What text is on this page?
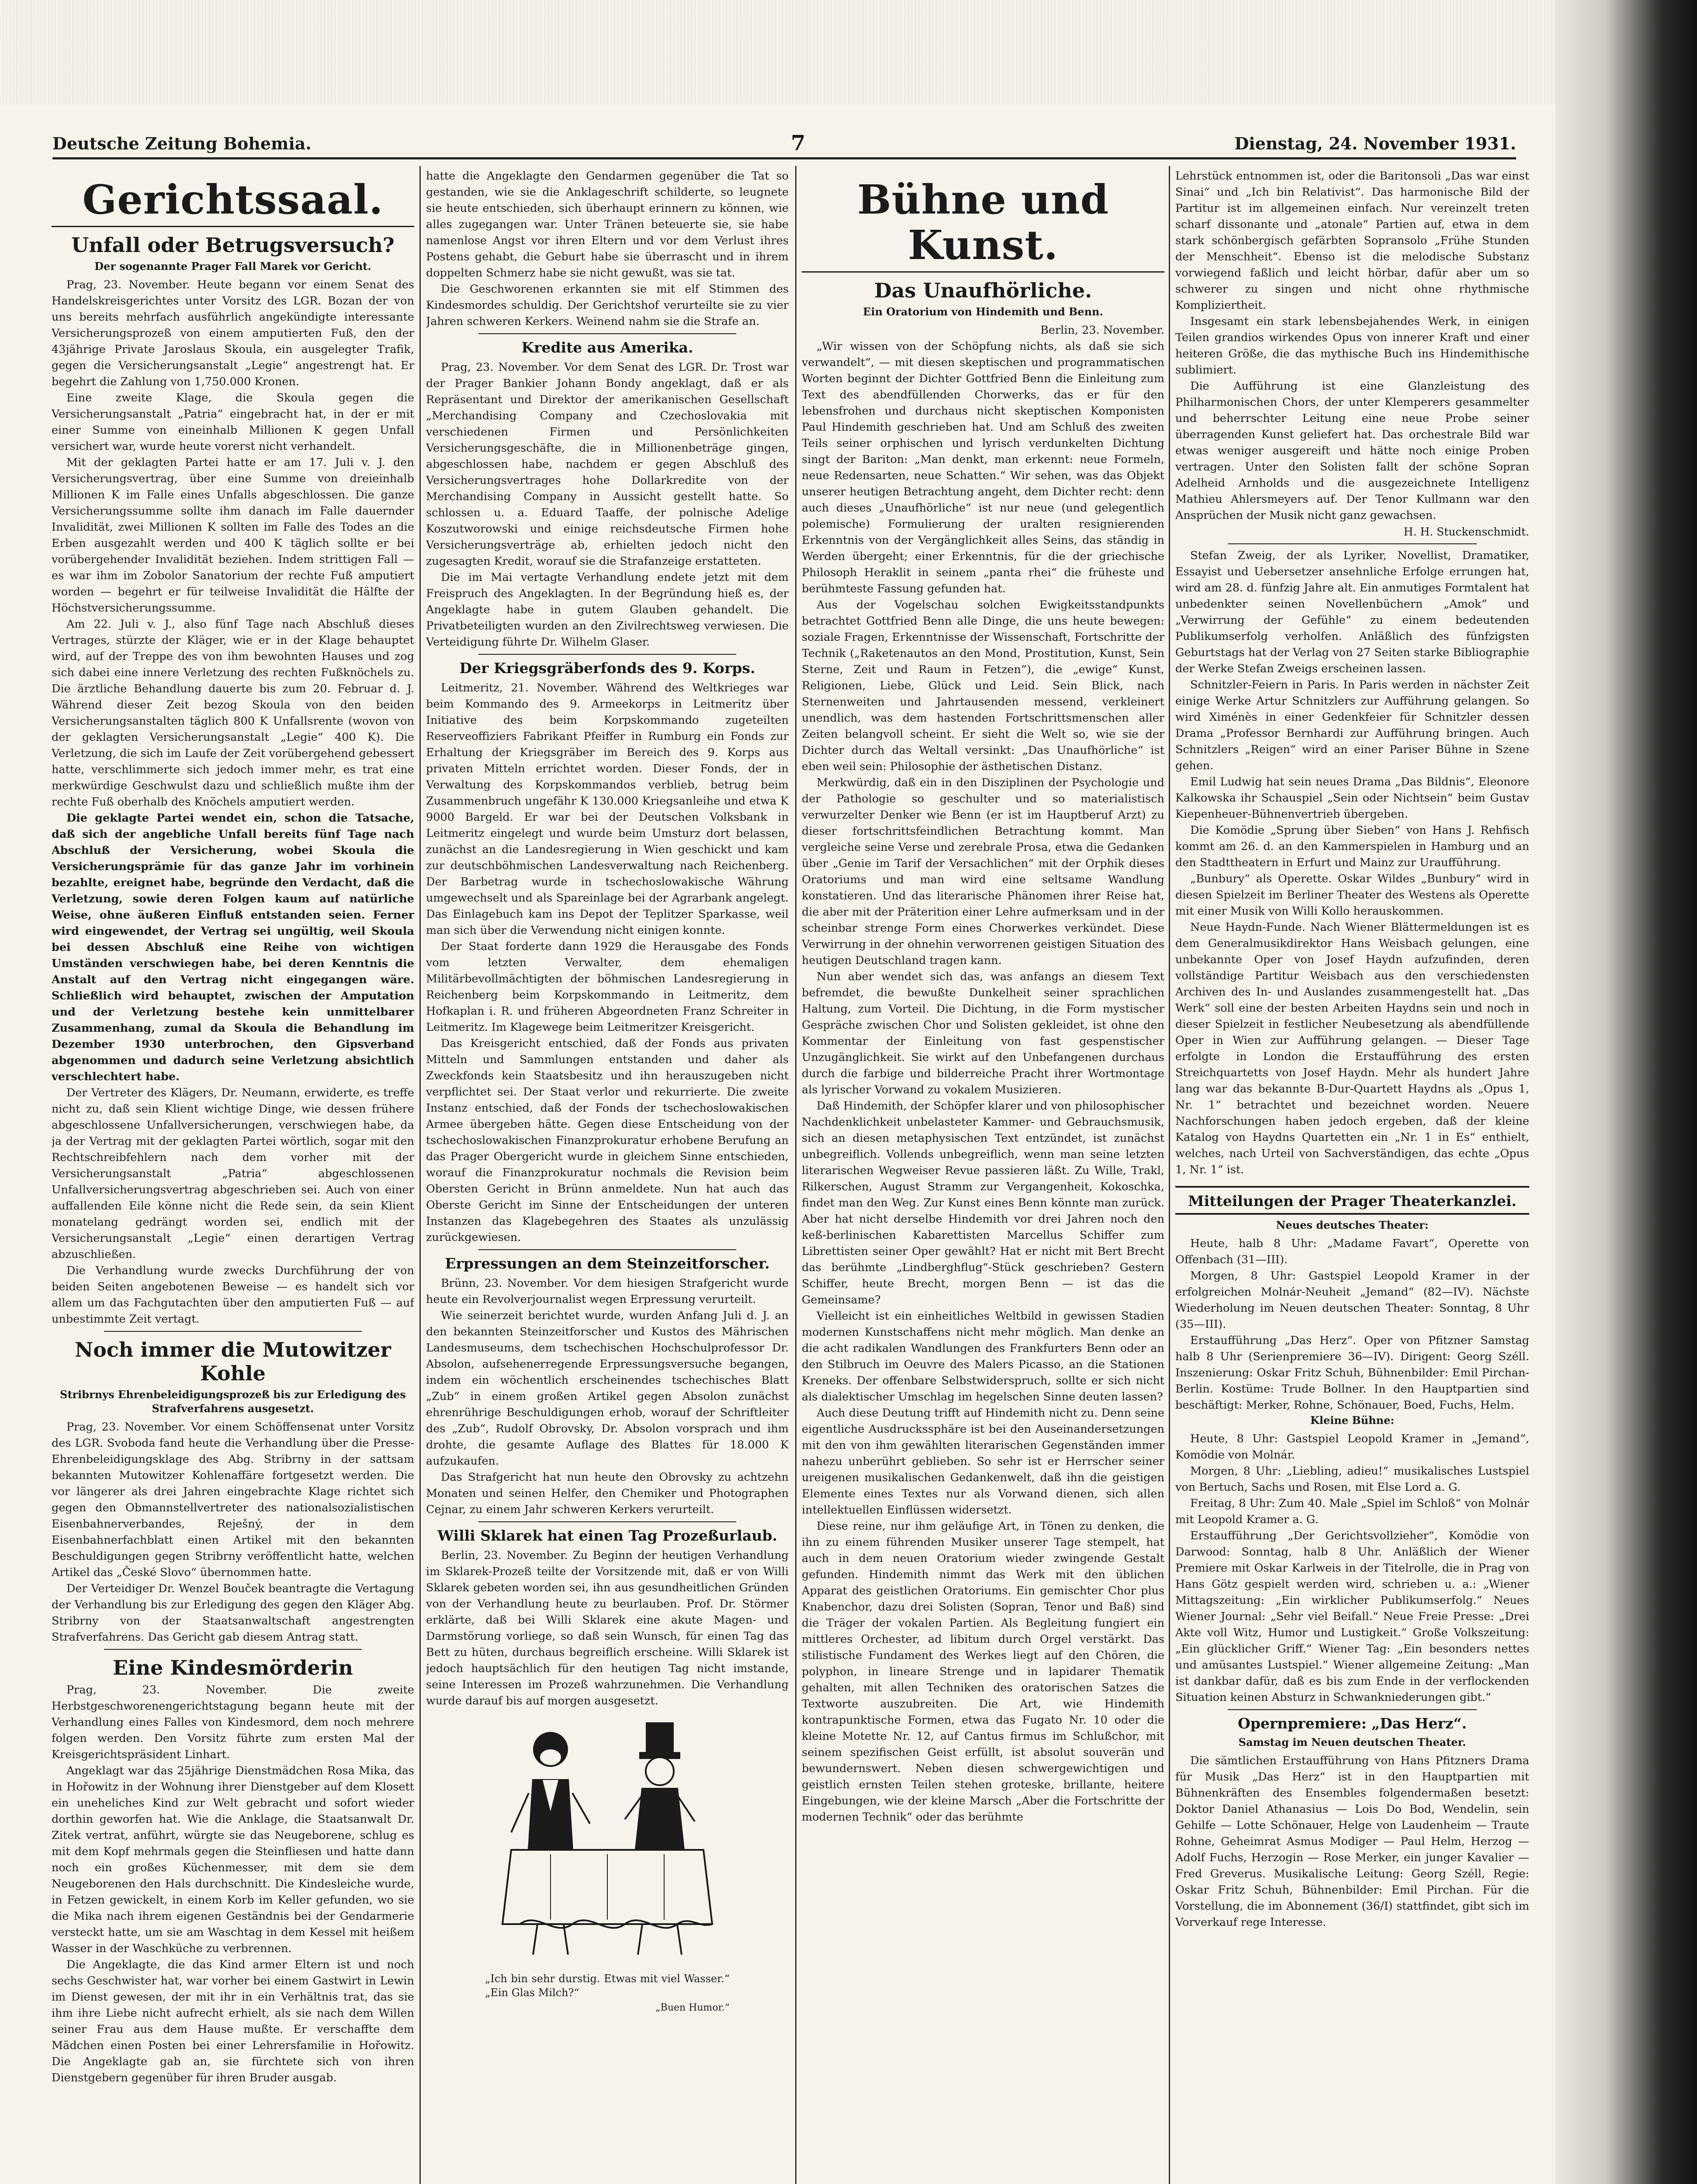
Deutsche Zeitung Bohemia.	7	Dienstag, 24. November 1931.
Gerichtssaal.
Unfall oder Betrugsversuch?
Der sogenannte Prager Fall Marek vor Gericht.

Prag, 23. November. Heute begann vor einem Senat des Handelskreisgerichtes unter Vorsitz des LGR. Bozan der von uns bereits mehrfach ausführlich angekündigte interessante Versicherungsprozeß von einem amputierten Fuß, den der 43jährige Private Jaroslaus Skoula, ein ausgelegter Trafik, gegen die Versicherungsanstalt „Legie“ angestrengt hat. Er begehrt die Zahlung von 1,750.000 Kronen.

Eine zweite Klage, die Skoula gegen die Versicherungsanstalt „Patria“ eingebracht hat, in der er mit einer Summe von eineinhalb Millionen K gegen Unfall versichert war, wurde heute vorerst nicht verhandelt.

Mit der geklagten Partei hatte er am 17. Juli v. J. den Versicherungsvertrag, über eine Summe von dreieinhalb Millionen K im Falle eines Unfalls abgeschlossen. Die ganze Versicherungssumme sollte ihm danach im Falle dauernder Invalidität, zwei Millionen K sollten im Falle des Todes an die Erben ausgezahlt werden und 400 K täglich sollte er bei vorübergehender Invalidität beziehen. Indem strittigen Fall — es war ihm im Zobolor Sanatorium der rechte Fuß amputiert worden — begehrt er für teilweise Invalidität die Hälfte der Höchstversicherungssumme.

Am 22. Juli v. J., also fünf Tage nach Abschluß dieses Vertrages, stürzte der Kläger, wie er in der Klage behauptet wird, auf der Treppe des von ihm bewohnten Hauses und zog sich dabei eine innere Verletzung des rechten Fußknöchels zu. Die ärztliche Behandlung dauerte bis zum 20. Februar d. J. Während dieser Zeit bezog Skoula von den beiden Versicherungsanstalten täglich 800 K Unfallsrente (wovon von der geklagten Versicherungsanstalt „Legie“ 400 K). Die Verletzung, die sich im Laufe der Zeit vorübergehend gebessert hatte, verschlimmerte sich jedoch immer mehr, es trat eine merkwürdige Geschwulst dazu und schließlich mußte ihm der rechte Fuß oberhalb des Knöchels amputiert werden.

Die geklagte Partei wendet ein, schon die Tatsache, daß sich der angebliche Unfall bereits fünf Tage nach Abschluß der Versicherung, wobei Skoula die Versicherungsprämie für das ganze Jahr im vorhinein bezahlte, ereignet habe, begründe den Verdacht, daß die Verletzung, sowie deren Folgen kaum auf natürliche Weise, ohne äußeren Einfluß entstanden seien. Ferner wird eingewendet, der Vertrag sei ungültig, weil Skoula bei dessen Abschluß eine Reihe von wichtigen Umständen verschwiegen habe, bei deren Kenntnis die Anstalt auf den Vertrag nicht eingegangen wäre. Schließlich wird behauptet, zwischen der Amputation und der Verletzung bestehe kein unmittelbarer Zusammenhang, zumal da Skoula die Behandlung im Dezember 1930 unterbrochen, den Gipsverband abgenommen und dadurch seine Verletzung absichtlich verschlechtert habe.

Der Vertreter des Klägers, Dr. Neumann, erwiderte, es treffe nicht zu, daß sein Klient wichtige Dinge, wie dessen frühere abgeschlossene Unfallversicherungen, verschwiegen habe, da ja der Vertrag mit der geklagten Partei wörtlich, sogar mit den Rechtschreibfehlern nach dem vorher mit der Versicherungsanstalt „Patria“ abgeschlossenen Unfallversicherungsvertrag abgeschrieben sei. Auch von einer auffallenden Eile könne nicht die Rede sein, da sein Klient monatelang gedrängt worden sei, endlich mit der Versicherungsanstalt „Legie“ einen derartigen Vertrag abzuschließen.

Die Verhandlung wurde zwecks Durchführung der von beiden Seiten angebotenen Beweise — es handelt sich vor allem um das Fachgutachten über den amputierten Fuß — auf unbestimmte Zeit vertagt.

Noch immer die Mutowitzer Kohle
Stribrnys Ehrenbeleidigungsprozeß bis zur Erledigung des Strafverfahrens ausgesetzt.

Prag, 23. November. Vor einem Schöffensenat unter Vorsitz des LGR. Svoboda fand heute die Verhandlung über die Presse-Ehrenbeleidigungsklage des Abg. Stribrny in der sattsam bekannten Mutowitzer Kohlenaffäre fortgesetzt werden. Die vor längerer als drei Jahren eingebrachte Klage richtet sich gegen den Obmannstellvertreter des nationalsozialistischen Eisenbahnerverbandes, Reješný, der in dem Eisenbahnerfachblatt einen Artikel mit den bekannten Beschuldigungen gegen Stribrny veröffentlicht hatte, welchen Artikel das „České Slovo“ übernommen hatte.

Der Verteidiger Dr. Wenzel Bouček beantragte die Vertagung der Verhandlung bis zur Erledigung des gegen den Kläger Abg. Stribrny von der Staatsanwaltschaft angestrengten Strafverfahrens. Das Gericht gab diesem Antrag statt.

Eine Kindesmörderin

Prag, 23. November. Die zweite Herbstgeschworenengerichtstagung begann heute mit der Verhandlung eines Falles von Kindesmord, dem noch mehrere folgen werden. Den Vorsitz führte zum ersten Mal der Kreisgerichtspräsident Linhart.

Angeklagt war das 25jährige Dienstmädchen Rosa Mika, das in Hořowitz in der Wohnung ihrer Dienstgeber auf dem Klosett ein uneheliches Kind zur Welt gebracht und sofort wieder dorthin geworfen hat. Wie die Anklage, die Staatsanwalt Dr. Zitek vertrat, anführt, würgte sie das Neugeborene, schlug es mit dem Kopf mehrmals gegen die Steinfliesen und hatte dann noch ein großes Küchenmesser, mit dem sie dem Neugeborenen den Hals durchschnitt. Die Kindesleiche wurde, in Fetzen gewickelt, in einem Korb im Keller gefunden, wo sie die Mika nach ihrem eigenen Geständnis bei der Gendarmerie versteckt hatte, um sie am Waschtag in dem Kessel mit heißem Wasser in der Waschküche zu verbrennen.

Die Angeklagte, die das Kind armer Eltern ist und noch sechs Geschwister hat, war vorher bei einem Gastwirt in Lewin im Dienst gewesen, der mit ihr in ein Verhältnis trat, das sie ihm ihre Liebe nicht aufrecht erhielt, als sie nach dem Willen seiner Frau aus dem Hause mußte. Er verschaffte dem Mädchen einen Posten bei einer Lehrersfamilie in Hořowitz. Die Angeklagte gab an, sie fürchtete sich von ihren Dienstgebern gegenüber für ihren Bruder ausgab.

hatte die Angeklagte den Gendarmen gegenüber die Tat so gestanden, wie sie die Anklageschrift schilderte, so leugnete sie heute entschieden, sich überhaupt erinnern zu können, wie alles zugegangen war. Unter Tränen beteuerte sie, sie habe namenlose Angst vor ihren Eltern und vor dem Verlust ihres Postens gehabt, die Geburt habe sie überrascht und in ihrem doppelten Schmerz habe sie nicht gewußt, was sie tat.

Die Geschworenen erkannten sie mit elf Stimmen des Kindesmordes schuldig. Der Gerichtshof verurteilte sie zu vier Jahren schweren Kerkers. Weinend nahm sie die Strafe an.

Kredite aus Amerika.

Prag, 23. November. Vor dem Senat des LGR. Dr. Trost war der Prager Bankier Johann Bondy angeklagt, daß er als Repräsentant und Direktor der amerikanischen Gesellschaft „Merchandising Company and Czechoslovakia mit verschiedenen Firmen und Persönlichkeiten Versicherungsgeschäfte, die in Millionenbeträge gingen, abgeschlossen habe, nachdem er gegen Abschluß des Versicherungsvertrages hohe Dollarkredite von der Merchandising Company in Aussicht gestellt hatte. So schlossen u. a. Eduard Taaffe, der polnische Adelige Koszutworowski und einige reichsdeutsche Firmen hohe Versicherungsverträge ab, erhielten jedoch nicht den zugesagten Kredit, worauf sie die Strafanzeige erstatteten.

Die im Mai vertagte Verhandlung endete jetzt mit dem Freispruch des Angeklagten. In der Begründung hieß es, der Angeklagte habe in gutem Glauben gehandelt. Die Privatbeteiligten wurden an den Zivilrechtsweg verwiesen. Die Verteidigung führte Dr. Wilhelm Glaser.

Der Kriegsgräberfonds des 9. Korps.

Leitmeritz, 21. November. Während des Weltkrieges war beim Kommando des 9. Armeekorps in Leitmeritz über Initiative des beim Korpskommando zugeteilten Reserveoffiziers Fabrikant Pfeiffer in Rumburg ein Fonds zur Erhaltung der Kriegsgräber im Bereich des 9. Korps aus privaten Mitteln errichtet worden. Dieser Fonds, der in Verwaltung des Korpskommandos verblieb, betrug beim Zusammenbruch ungefähr K 130.000 Kriegsanleihe und etwa K 9000 Bargeld. Er war bei der Deutschen Volksbank in Leitmeritz eingelegt und wurde beim Umsturz dort belassen, zunächst an die Landesregierung in Wien geschickt und kam zur deutschböhmischen Landesverwaltung nach Reichenberg. Der Barbetrag wurde in tschechoslowakische Währung umgewechselt und als Spareinlage bei der Agrarbank angelegt. Das Einlagebuch kam ins Depot der Teplitzer Sparkasse, weil man sich über die Verwendung nicht einigen konnte.

Der Staat forderte dann 1929 die Herausgabe des Fonds vom letzten Verwalter, dem ehemaligen Militärbevollmächtigten der böhmischen Landesregierung in Reichenberg beim Korpskommando in Leitmeritz, dem Hofkaplan i. R. und früheren Abgeordneten Franz Schreiter in Leitmeritz. Im Klagewege beim Leitmeritzer Kreisgericht.

Das Kreisgericht entschied, daß der Fonds aus privaten Mitteln und Sammlungen entstanden und daher als Zweckfonds kein Staatsbesitz und ihn herauszugeben nicht verpflichtet sei. Der Staat verlor und rekurrierte. Die zweite Instanz entschied, daß der Fonds der tschechoslowakischen Armee übergeben hätte. Gegen diese Entscheidung von der tschechoslowakischen Finanzprokuratur erhobene Berufung an das Prager Obergericht wurde in gleichem Sinne entschieden, worauf die Finanzprokuratur nochmals die Revision beim Obersten Gericht in Brünn anmeldete. Nun hat auch das Oberste Gericht im Sinne der Entscheidungen der unteren Instanzen das Klagebegehren des Staates als unzulässig zurückgewiesen.

Erpressungen an dem Steinzeitforscher.

Brünn, 23. November. Vor dem hiesigen Strafgericht wurde heute ein Revolverjournalist wegen Erpressung verurteilt.

Wie seinerzeit berichtet wurde, wurden Anfang Juli d. J. an den bekannten Steinzeitforscher und Kustos des Mährischen Landesmuseums, dem tschechischen Hochschulprofessor Dr. Absolon, aufsehenerregende Erpressungsversuche begangen, indem ein wöchentlich erscheinendes tschechisches Blatt „Zub“ in einem großen Artikel gegen Absolon zunächst ehrenrührige Beschuldigungen erhob, worauf der Schriftleiter des „Zub“, Rudolf Obrovsky, Dr. Absolon vorsprach und ihm drohte, die gesamte Auflage des Blattes für 18.000 K aufzukaufen.

Das Strafgericht hat nun heute den Obrovsky zu achtzehn Monaten und seinen Helfer, den Chemiker und Photographen Cejnar, zu einem Jahr schweren Kerkers verurteilt.

Willi Sklarek hat einen Tag Prozeßurlaub.

Berlin, 23. November. Zu Beginn der heutigen Verhandlung im Sklarek-Prozeß teilte der Vorsitzende mit, daß er von Willi Sklarek gebeten worden sei, ihn aus gesundheitlichen Gründen von der Verhandlung heute zu beurlauben. Prof. Dr. Störmer erklärte, daß bei Willi Sklarek eine akute Magen- und Darmstörung vorliege, so daß sein Wunsch, für einen Tag das Bett zu hüten, durchaus begreiflich erscheine. Willi Sklarek ist jedoch hauptsächlich für den heutigen Tag nicht imstande, seine Interessen im Prozeß wahrzunehmen. Die Verhandlung wurde darauf bis auf morgen ausgesetzt.

„Ich bin sehr durstig. Etwas mit viel Wasser.“ „Ein Glas Milch?“
„Buen Humor.“
Bühne und Kunst.
Das Unaufhörliche.
Ein Oratorium von Hindemith und Benn.

Berlin, 23. November.

„Wir wissen von der Schöpfung nichts, als daß sie sich verwandelt“, — mit diesen skeptischen und programmatischen Worten beginnt der Dichter Gottfried Benn die Einleitung zum Text des abendfüllenden Chorwerks, das er für den lebensfrohen und durchaus nicht skeptischen Komponisten Paul Hindemith geschrieben hat. Und am Schluß des zweiten Teils seiner orphischen und lyrisch verdunkelten Dichtung singt der Bariton: „Man denkt, man erkennt: neue Formeln, neue Redensarten, neue Schatten.“ Wir sehen, was das Objekt unserer heutigen Betrachtung angeht, dem Dichter recht: denn auch dieses „Unaufhörliche“ ist nur neue (und gelegentlich polemische) Formulierung der uralten resignierenden Erkenntnis von der Vergänglichkeit alles Seins, das ständig in Werden übergeht; einer Erkenntnis, für die der griechische Philosoph Heraklit in seinem „panta rhei“ die früheste und berühmteste Fassung gefunden hat.

Aus der Vogelschau solchen Ewigkeitsstandpunkts betrachtet Gottfried Benn alle Dinge, die uns heute bewegen: soziale Fragen, Erkenntnisse der Wissenschaft, Fortschritte der Technik („Raketenautos an den Mond, Prostitution, Kunst, Sein Sterne, Zeit und Raum in Fetzen“), die „ewige“ Kunst, Religionen, Liebe, Glück und Leid. Sein Blick, nach Sternenweiten und Jahrtausenden messend, verkleinert unendlich, was dem hastenden Fortschrittsmenschen aller Zeiten belangvoll scheint. Er sieht die Welt so, wie sie der Dichter durch das Weltall versinkt: „Das Unaufhörliche“ ist eben weil sein: Philosophie der ästhetischen Distanz.

Merkwürdig, daß ein in den Disziplinen der Psychologie und der Pathologie so geschulter und so materialistisch verwurzelter Denker wie Benn (er ist im Hauptberuf Arzt) zu dieser fortschrittsfeindlichen Betrachtung kommt. Man vergleiche seine Verse und zerebrale Prosa, etwa die Gedanken über „Genie im Tarif der Versachlichen“ mit der Orphik dieses Oratoriums und man wird eine seltsame Wandlung konstatieren. Und das literarische Phänomen ihrer Reise hat, die aber mit der Präterition einer Lehre aufmerksam und in der scheinbar strenge Form eines Chorwerkes verkündet. Diese Verwirrung in der ohnehin verworrenen geistigen Situation des heutigen Deutschland tragen kann.

Nun aber wendet sich das, was anfangs an diesem Text befremdet, die bewußte Dunkelheit seiner sprachlichen Haltung, zum Vorteil. Die Dichtung, in die Form mystischer Gespräche zwischen Chor und Solisten gekleidet, ist ohne den Kommentar der Einleitung von fast gespenstischer Unzugänglichkeit. Sie wirkt auf den Unbefangenen durchaus durch die farbige und bilderreiche Pracht ihrer Wortmontage als lyrischer Vorwand zu vokalem Musizieren.

Daß Hindemith, der Schöpfer klarer und von philosophischer Nachdenklichkeit unbelasteter Kammer- und Gebrauchsmusik, sich an diesen metaphysischen Text entzündet, ist zunächst unbegreiflich. Vollends unbegreiflich, wenn man seine letzten literarischen Wegweiser Revue passieren läßt. Zu Wille, Trakl, Rilkerschen, August Stramm zur Vergangenheit, Kokoschka, findet man den Weg. Zur Kunst eines Benn könnte man zurück. Aber hat nicht derselbe Hindemith vor drei Jahren noch den keß-berlinischen Kabarettisten Marcellus Schiffer zum Librettisten seiner Oper gewählt? Hat er nicht mit Bert Brecht das berühmte „Lindberghflug“-Stück geschrieben? Gestern Schiffer, heute Brecht, morgen Benn — ist das die Gemeinsame?

Vielleicht ist ein einheitliches Weltbild in gewissen Stadien modernen Kunstschaffens nicht mehr möglich. Man denke an die acht radikalen Wandlungen des Frankfurters Benn oder an den Stilbruch im Oeuvre des Malers Picasso, an die Stationen Kreneks. Der offenbare Selbstwiderspruch, sollte er sich nicht als dialektischer Umschlag im hegelschen Sinne deuten lassen?

Auch diese Deutung trifft auf Hindemith nicht zu. Denn seine eigentliche Ausdruckssphäre ist bei den Auseinandersetzungen mit den von ihm gewählten literarischen Gegenständen immer nahezu unberührt geblieben. So sehr ist er Herrscher seiner ureigenen musikalischen Gedankenwelt, daß ihn die geistigen Elemente eines Textes nur als Vorwand dienen, sich allen intellektuellen Einflüssen widersetzt.

Diese reine, nur ihm geläufige Art, in Tönen zu denken, die ihn zu einem führenden Musiker unserer Tage stempelt, hat auch in dem neuen Oratorium wieder zwingende Gestalt gefunden. Hindemith nimmt das Werk mit den üblichen Apparat des geistlichen Oratoriums. Ein gemischter Chor plus Knabenchor, dazu drei Solisten (Sopran, Tenor und Baß) sind die Träger der vokalen Partien. Als Begleitung fungiert ein mittleres Orchester, ad libitum durch Orgel verstärkt. Das stilistische Fundament des Werkes liegt auf den Chören, die polyphon, in lineare Strenge und in lapidarer Thematik gehalten, mit allen Techniken des oratorischen Satzes die Textworte auszubreiten. Die Art, wie Hindemith kontrapunktische Formen, etwa das Fugato Nr. 10 oder die kleine Motette Nr. 12, auf Cantus firmus im Schlußchor, mit seinem spezifischen Geist erfüllt, ist absolut souverän und bewundernswert. Neben diesen schwergewichtigen und geistlich ernsten Teilen stehen groteske, brillante, heitere Eingebungen, wie der kleine Marsch „Aber die Fortschritte der modernen Technik“ oder das berühmte

Lehrstück entnommen ist, oder die Baritonsoli „Das war einst Sinai“ und „Ich bin Relativist“. Das harmonische Bild der Partitur ist im allgemeinen einfach. Nur vereinzelt treten scharf dissonante und „atonale“ Partien auf, etwa in dem stark schönbergisch gefärbten Sopransolo „Frühe Stunden der Menschheit“. Ebenso ist die melodische Substanz vorwiegend faßlich und leicht hörbar, dafür aber um so schwerer zu singen und nicht ohne rhythmische Kompliziertheit.

Insgesamt ein stark lebensbejahendes Werk, in einigen Teilen grandios wirkendes Opus von innerer Kraft und einer heiteren Größe, die das mythische Buch ins Hindemithische sublimiert.

Die Aufführung ist eine Glanzleistung des Philharmonischen Chors, der unter Klemperers gesammelter und beherrschter Leitung eine neue Probe seiner überragenden Kunst geliefert hat. Das orchestrale Bild war etwas weniger ausgereift und hätte noch einige Proben vertragen. Unter den Solisten fallt der schöne Sopran Adelheid Arnholds und die ausgezeichnete Intelligenz Mathieu Ahlersmeyers auf. Der Tenor Kullmann war den Ansprüchen der Musik nicht ganz gewachsen.

H. H. Stuckenschmidt.

Stefan Zweig, der als Lyriker, Novellist, Dramatiker, Essayist und Uebersetzer ansehnliche Erfolge errungen hat, wird am 28. d. fünfzig Jahre alt. Ein anmutiges Formtalent hat unbedenkter seinen Novellenbüchern „Amok“ und „Verwirrung der Gefühle“ zu einem bedeutenden Publikumserfolg verholfen. Anläßlich des fünfzigsten Geburtstags hat der Verlag von 27 Seiten starke Bibliographie der Werke Stefan Zweigs erscheinen lassen.

Schnitzler-Feiern in Paris. In Paris werden in nächster Zeit einige Werke Artur Schnitzlers zur Aufführung gelangen. So wird Ximénès in einer Gedenkfeier für Schnitzler dessen Drama „Professor Bernhardi zur Aufführung bringen. Auch Schnitzlers „Reigen“ wird an einer Pariser Bühne in Szene gehen.

Emil Ludwig hat sein neues Drama „Das Bildnis“, Eleonore Kalkowska ihr Schauspiel „Sein oder Nichtsein“ beim Gustav Kiepenheuer-Bühnenvertrieb übergeben.

Die Komödie „Sprung über Sieben“ von Hans J. Rehfisch kommt am 26. d. an den Kammerspielen in Hamburg und an den Stadttheatern in Erfurt und Mainz zur Uraufführung.

„Bunbury“ als Operette. Oskar Wildes „Bunbury“ wird in diesen Spielzeit im Berliner Theater des Westens als Operette mit einer Musik von Willi Kollo herauskommen.

Neue Haydn-Funde. Nach Wiener Blättermeldungen ist es dem Generalmusikdirektor Hans Weisbach gelungen, eine unbekannte Oper von Josef Haydn aufzufinden, deren vollständige Partitur Weisbach aus den verschiedensten Archiven des In- und Auslandes zusammengestellt hat. „Das Werk“ soll eine der besten Arbeiten Haydns sein und noch in dieser Spielzeit in festlicher Neubesetzung als abendfüllende Oper in Wien zur Aufführung gelangen. — Dieser Tage erfolgte in London die Erstaufführung des ersten Streichquartetts von Josef Haydn. Mehr als hundert Jahre lang war das bekannte B-Dur-Quartett Haydns als „Opus 1, Nr. 1“ betrachtet und bezeichnet worden. Neuere Nachforschungen haben jedoch ergeben, daß der kleine Katalog von Haydns Quartetten ein „Nr. 1 in Es“ enthielt, welches, nach Urteil von Sachverständigen, das echte „Opus 1, Nr. 1“ ist.

Mitteilungen der Prager Theaterkanzlei.
Neues deutsches Theater:

Heute, halb 8 Uhr: „Madame Favart“, Operette von Offenbach (31—III).

Morgen, 8 Uhr: Gastspiel Leopold Kramer in der erfolgreichen Molnár-Neuheit „Jemand“ (82—IV). Nächste Wiederholung im Neuen deutschen Theater: Sonntag, 8 Uhr (35—III).

Erstaufführung „Das Herz“. Oper von Pfitzner Samstag halb 8 Uhr (Serienpremiere 36—IV). Dirigent: Georg Széll. Inszenierung: Oskar Fritz Schuh, Bühnenbilder: Emil Pirchan-Berlin. Kostüme: Trude Bollner. In den Hauptpartien sind beschäftigt: Merker, Rohne, Schönauer, Boed, Fuchs, Helm.

Kleine Bühne:

Heute, 8 Uhr: Gastspiel Leopold Kramer in „Jemand“, Komödie von Molnár.

Morgen, 8 Uhr: „Liebling, adieu!“ musikalisches Lustspiel von Bertuch, Sachs und Rosen, mit Else Lord a. G.

Freitag, 8 Uhr: Zum 40. Male „Spiel im Schloß“ von Molnár mit Leopold Kramer a. G.

Erstaufführung „Der Gerichtsvollzieher“, Komödie von Darwood: Sonntag, halb 8 Uhr. Anläßlich der Wiener Premiere mit Oskar Karlweis in der Titelrolle, die in Prag von Hans Götz gespielt werden wird, schrieben u. a.: „Wiener Mittagszeitung: „Ein wirklicher Publikumserfolg.“ Neues Wiener Journal: „Sehr viel Beifall.“ Neue Freie Presse: „Drei Akte voll Witz, Humor und Lustigkeit.“ Große Volkszeitung: „Ein glücklicher Griff.“ Wiener Tag: „Ein besonders nettes und amüsantes Lustspiel.“ Wiener allgemeine Zeitung: „Man ist dankbar dafür, daß es bis zum Ende in der verflockenden Situation keinen Absturz in Schwankniederungen gibt.“

Opernpremiere: „Das Herz“.
Samstag im Neuen deutschen Theater.

Die sämtlichen Erstaufführung von Hans Pfitzners Drama für Musik „Das Herz“ ist in den Hauptpartien mit Bühnenkräften des Ensembles folgendermaßen besetzt: Doktor Daniel Athanasius — Lois Do Bod, Wendelin, sein Gehilfe — Lotte Schönauer, Helge von Laudenheim — Traute Rohne, Geheimrat Asmus Modiger — Paul Helm, Herzog — Adolf Fuchs, Herzogin — Rose Merker, ein junger Kavalier — Fred Greverus. Musikalische Leitung: Georg Széll, Regie: Oskar Fritz Schuh, Bühnenbilder: Emil Pirchan. Für die Vorstellung, die im Abonnement (36/I) stattfindet, gibt sich im Vorverkauf rege Interesse.
